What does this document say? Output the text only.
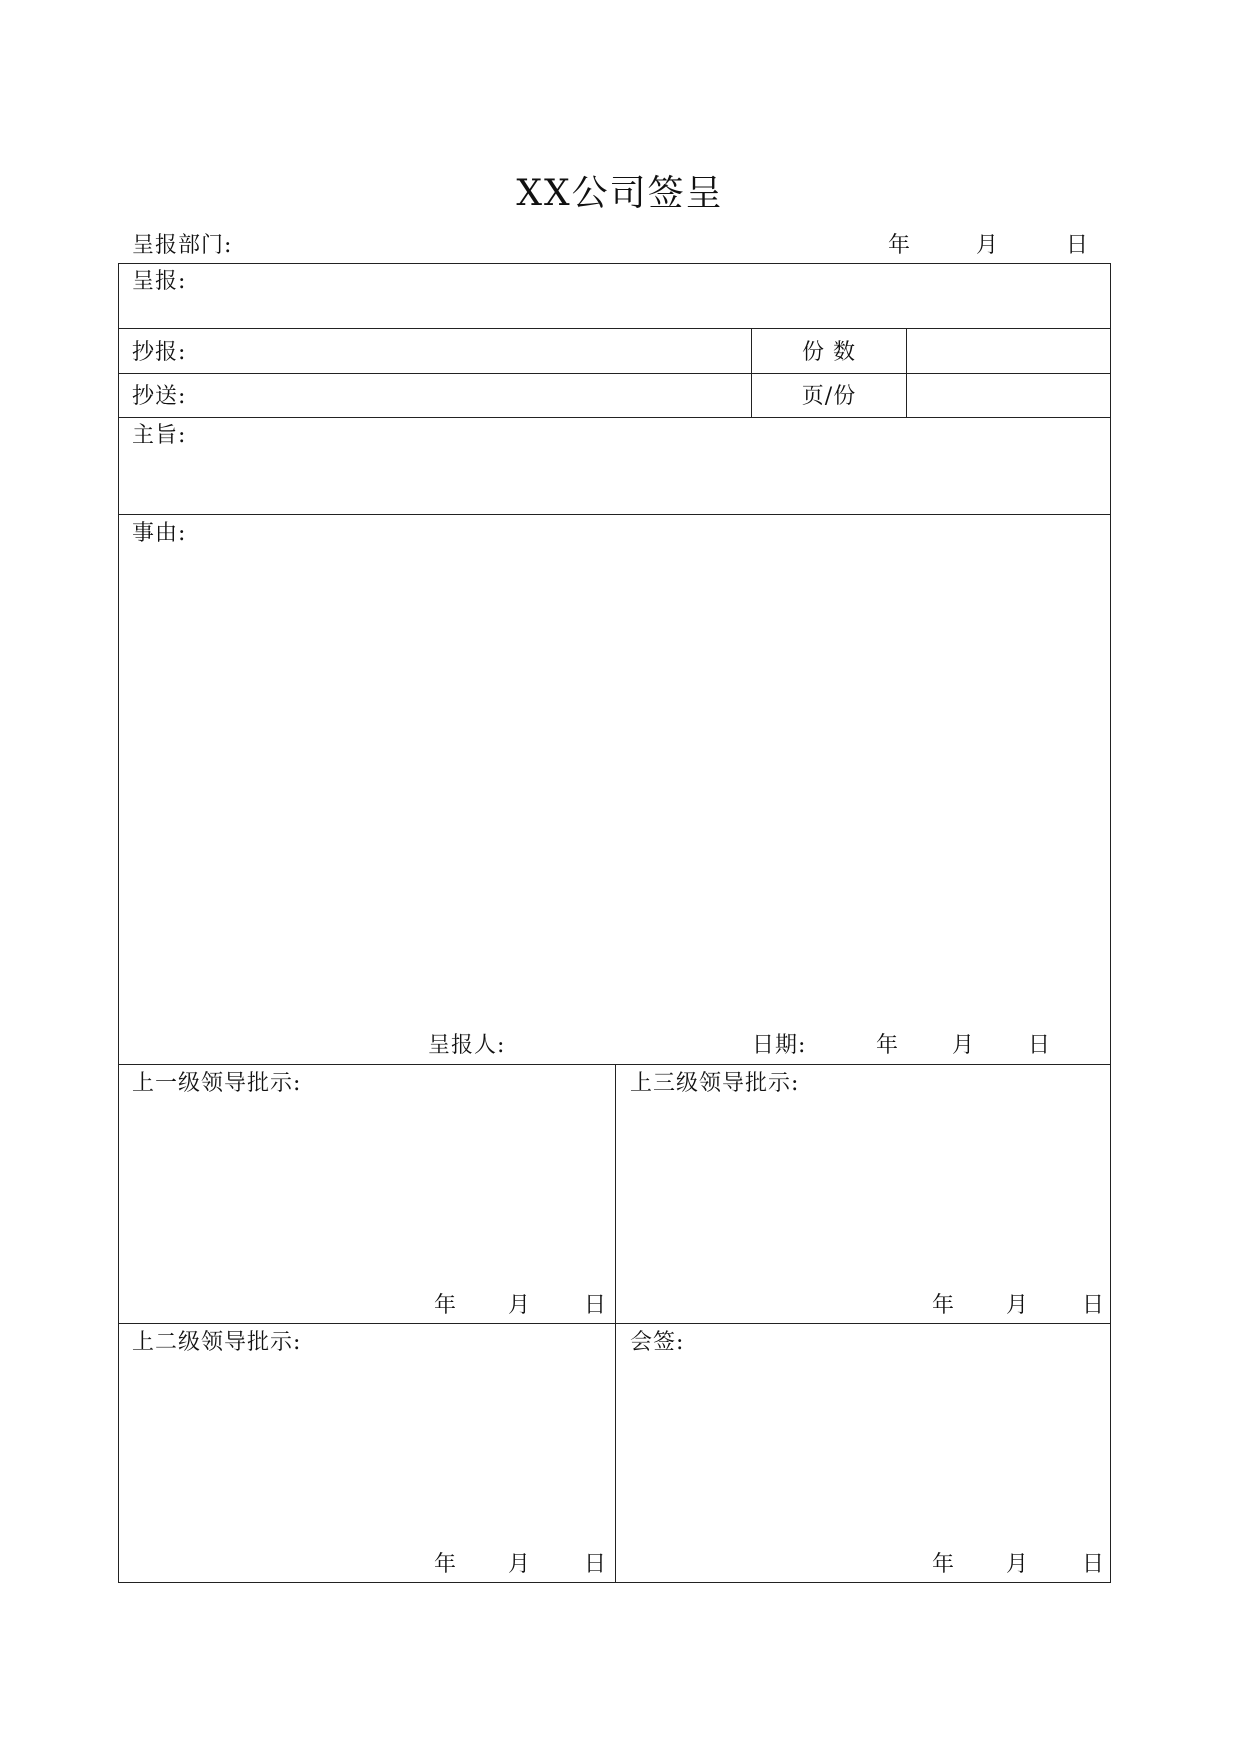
XX公司签呈
呈报部门:	年	月	日
呈报:
抄报:	份 数
抄送:	页/份
主旨:
事由:
呈报人:	日期:	年 月 日
上一级领导批示:
年 月 日
上三级领导批示:
年 月 日
上二级领导批示:
年 月 日
会签:
年 月 日
